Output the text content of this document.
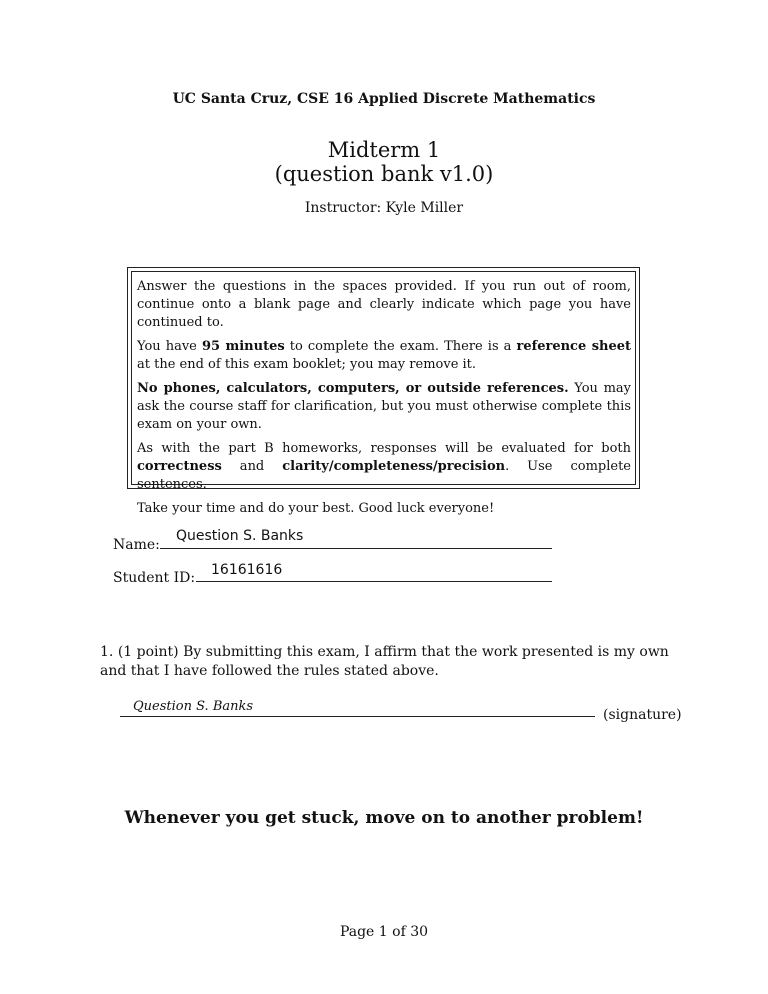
UC Santa Cruz, CSE 16 Applied Discrete Mathematics
Midterm 1
(question bank v1.0)
Instructor: Kyle Miller

Answer the questions in the spaces provided. If you run out of room, continue onto a blank page and clearly indicate which page you have continued to.

You have 95 minutes to complete the exam. There is a reference sheet at the end of this exam booklet; you may remove it.

No phones, calculators, computers, or outside references. You may ask the course staff for clarification, but you must otherwise complete this exam on your own.

As with the part B homeworks, responses will be evaluated for both correctness and clarity/completeness/precision. Use complete sentences.

Take your time and do your best. Good luck everyone!

Name:
Question S. Banks
Student ID: 16161616
1. (1 point) By submitting this exam, I affirm that the work presented is my own and that I have followed the rules stated above.
Question S. Banks
(signature)
Whenever you get stuck, move on to another problem!
Page 1 of 30
